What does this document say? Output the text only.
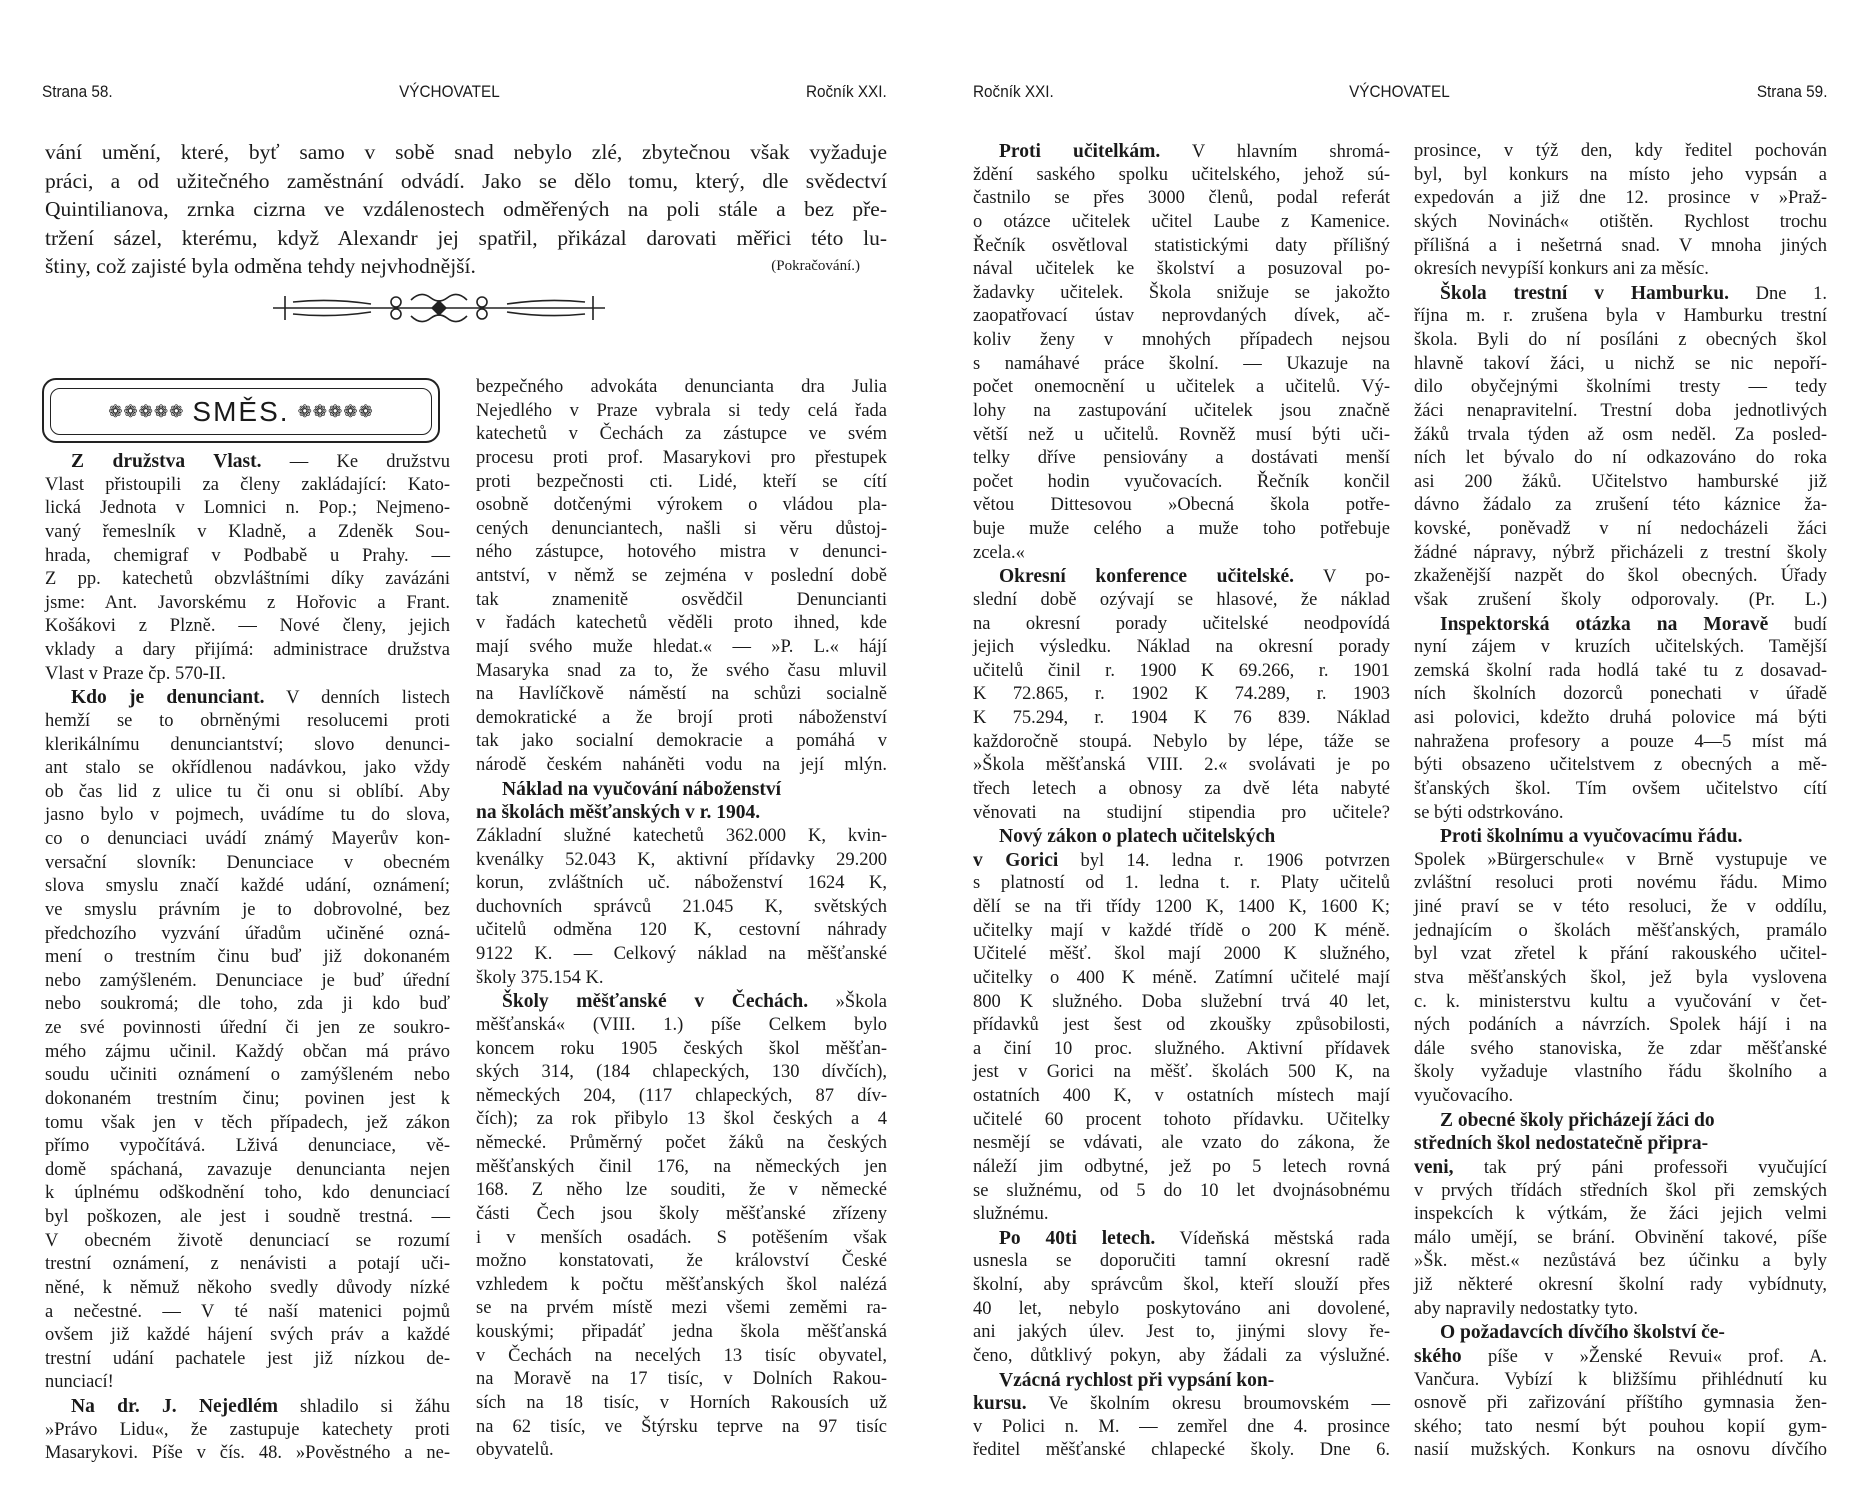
Strana 58.	VÝCHOVATEL	Ročník XXI.	Ročník XXI.	VÝCHOVATEL	Strana 59.
vání umění, které, byť samo v sobě snad nebylo zlé, zbytečnou však vyžaduje
práci, a od užitečného zaměstnání odvádí. Jako se dělo tomu, který, dle svědectví
Quintilianova, zrnka cizrna ve vzdálenostech odměřených na poli stále a bez pře-
tržení sázel, kterému, když Alexandr jej spatřil, přikázal darovati měřici této lu-
štiny, což zajisté byla odměna tehdy nejvhodnější.	(Pokračování.)
❁❁❁❁❁ SMĚS. ❁❁❁❁❁
Z družstva Vlast. — Ke družstvu
Vlast přistoupili za členy zakládající: Kato-
lická Jednota v Lomnici n. Pop.; Nejmeno-
vaný řemeslník v Kladně, a Zdeněk Sou-
hrada, chemigraf v Podbabě u Prahy. —
Z pp. katechetů obzvláštními díky zavázáni
jsme: Ant. Javorskému z Hořovic a Frant.
Košákovi z Plzně. — Nové členy, jejich
vklady a dary přijímá: administrace družstva
Vlast v Praze čp. 570-II.
Kdo je denunciant. V denních listech
hemží se to obrněnými resolucemi proti
klerikálnímu denunciantství; slovo denunci-
ant stalo se okřídlenou nadávkou, jako vždy
ob čas lid z ulice tu či onu si oblíbí. Aby
jasno bylo v pojmech, uvádíme tu do slova,
co o denunciaci uvádí známý Mayerův kon-
versační slovník: Denunciace v obecném
slova smyslu značí každé udání, oznámení;
ve smyslu právním je to dobrovolné, bez
předchozího vyzvání úřadům učiněné ozná-
mení o trestním činu buď již dokonaném
nebo zamýšleném. Denunciace je buď úřední
nebo soukromá; dle toho, zda ji kdo buď
ze své povinnosti úřední či jen ze soukro-
mého zájmu učinil. Každý občan má právo
soudu učiniti oznámení o zamýšleném nebo
dokonaném trestním činu; povinen jest k
tomu však jen v těch případech, jež zákon
přímo vypočítává. Lživá denunciace, vě-
domě spáchaná, zavazuje denuncianta nejen
k úplnému odškodnění toho, kdo denunciací
byl poškozen, ale jest i soudně trestná. —
V obecném životě denunciací se rozumí
trestní oznámení, z nenávisti a potají uči-
něné, k němuž někoho svedly důvody nízké
a nečestné. — V té naší matenici pojmů
ovšem již každé hájení svých práv a každé
trestní udání pachatele jest již nízkou de-
nunciací!
Na dr. J. Nejedlém shladilo si žáhu
»Právo Lidu«, že zastupuje katechety proti
Masarykovi. Píše v čís. 48. »Pověstného a ne-
bezpečného advokáta denuncianta dra Julia
Nejedlého v Praze vybrala si tedy celá řada
katechetů v Čechách za zástupce ve svém
procesu proti prof. Masarykovi pro přestupek
proti bezpečnosti cti. Lidé, kteří se cítí
osobně dotčenými výrokem o vládou pla-
cených denunciantech, našli si věru důstoj-
ného zástupce, hotového mistra v denunci-
antství, v němž se zejména v poslední době
tak znamenitě osvědčil Denuncianti
v řadách katechetů věděli proto ihned, kde
mají svého muže hledat.« — »P. L.« hájí
Masaryka snad za to, že svého času mluvil
na Havlíčkově náměstí na schůzi socialně
demokratické a že brojí proti náboženství
tak jako socialní demokracie a pomáhá v
národě českém naháněti vodu na její mlýn.
Náklad na vyučování náboženství
na školách měšťanských v r. 1904.
Základní služné katechetů 362.000 K, kvin-
kvenálky 52.043 K, aktivní přídavky 29.200
korun, zvláštních uč. náboženství 1624 K,
duchovních správců 21.045 K, světských
učitelů odměna 120 K, cestovní náhrady
9122 K. — Celkový náklad na měšťanské
školy 375.154 K.
Školy měšťanské v Čechách. »Škola
měšťanská« (VIII. 1.) píše Celkem bylo
koncem roku 1905 českých škol měšťan-
ských 314, (184 chlapeckých, 130 dívčích),
německých 204, (117 chlapeckých, 87 dív-
čích); za rok přibylo 13 škol českých a 4
německé. Průměrný počet žáků na českých
měšťanských činil 176, na německých jen
168. Z něho lze souditi, že v německé
části Čech jsou školy měšťanské zřízeny
i v menších osadách. S potěšením však
možno konstatovati, že království České
vzhledem k počtu měšťanských škol nalézá
se na prvém místě mezi všemi zeměmi ra-
kouskými; připadáť jedna škola měšťanská
v Čechách na necelých 13 tisíc obyvatel,
na Moravě na 17 tisíc, v Dolních Rakou-
sích na 18 tisíc, v Horních Rakousích už
na 62 tisíc, ve Štýrsku teprve na 97 tisíc
obyvatelů.
Proti učitelkám. V hlavním shromá-
ždění saského spolku učitelského, jehož sú-
častnilo se přes 3000 členů, podal referát
o otázce učitelek učitel Laube z Kamenice.
Řečník osvětloval statistickými daty přílišný
nával učitelek ke školství a posuzoval po-
žadavky učitelek. Škola snižuje se jakožto
zaopatřovací ústav neprovdaných dívek, ač-
koliv ženy v mnohých případech nejsou
s namáhavé práce školní. — Ukazuje na
počet onemocnění u učitelek a učitelů. Vý-
lohy na zastupování učitelek jsou značně
větší než u učitelů. Rovněž musí býti uči-
telky dříve pensiovány a dostávati menší
počet hodin vyučovacích. Řečník končil
větou Dittesovou »Obecná škola potře-
buje muže celého a muže toho potřebuje
zcela.«
Okresní konference učitelské. V po-
slední době ozývají se hlasové, že náklad
na okresní porady učitelské neodpovídá
jejich výsledku. Náklad na okresní porady
učitelů činil r. 1900 K 69.266, r. 1901
K 72.865, r. 1902 K 74.289, r. 1903
K 75.294, r. 1904 K 76 839. Náklad
každoročně stoupá. Nebylo by lépe, táže se
»Škola měšťanská VIII. 2.« svolávati je po
třech letech a obnosy za dvě léta nabyté
věnovati na studijní stipendia pro učitele?
Nový zákon o platech učitelských
v Gorici byl 14. ledna r. 1906 potvrzen
s platností od 1. ledna t. r. Platy učitelů
dělí se na tři třídy 1200 K, 1400 K, 1600 K;
učitelky mají v každé třídě o 200 K méně.
Učitelé měšť. škol mají 2000 K služného,
učitelky o 400 K méně. Zatímní učitelé mají
800 K služného. Doba služební trvá 40 let,
přídavků jest šest od zkoušky způsobilosti,
a činí 10 proc. služného. Aktivní přídavek
jest v Gorici na měšť. školách 500 K, na
ostatních 400 K, v ostatních místech mají
učitelé 60 procent tohoto přídavku. Učitelky
nesmějí se vdávati, ale vzato do zákona, že
náleží jim odbytné, jež po 5 letech rovná
se služnému, od 5 do 10 let dvojnásobnému
služnému.
Po 40ti letech. Vídeňská městská rada
usnesla se doporučiti tamní okresní radě
školní, aby správcům škol, kteří slouží přes
40 let, nebylo poskytováno ani dovolené,
ani jakých úlev. Jest to, jinými slovy ře-
čeno, důtklivý pokyn, aby žádali za výslužné.
Vzácná rychlost při vypsání kon-
kursu. Ve školním okresu broumovském —
v Polici n. M. — zemřel dne 4. prosince
ředitel měšťanské chlapecké školy. Dne 6.
prosince, v týž den, kdy ředitel pochován
byl, byl konkurs na místo jeho vypsán a
expedován a již dne 12. prosince v »Praž-
ských Novinách« otištěn. Rychlost trochu
přílišná a i nešetrná snad. V mnoha jiných
okresích nevypíší konkurs ani za měsíc.
Škola trestní v Hamburku. Dne 1.
října m. r. zrušena byla v Hamburku trestní
škola. Byli do ní posíláni z obecných škol
hlavně takoví žáci, u nichž se nic nepoří-
dilo obyčejnými školními tresty — tedy
žáci nenapravitelní. Trestní doba jednotlivých
žáků trvala týden až osm neděl. Za posled-
ních let bývalo do ní odkazováno do roka
asi 200 žáků. Učitelstvo hamburské již
dávno žádalo za zrušení této káznice ža-
kovské, poněvadž v ní nedocházeli žáci
žádné nápravy, nýbrž přicházeli z trestní školy
zkaženější nazpět do škol obecných. Úřady
však zrušení školy odporovaly. (Pr. L.)
Inspektorská otázka na Moravě budí
nyní zájem v kruzích učitelských. Tamější
zemská školní rada hodlá také tu z dosavad-
ních školních dozorců ponechati v úřadě
asi polovici, kdežto druhá polovice má býti
nahražena profesory a pouze 4—5 míst má
býti obsazeno učitelstvem z obecných a mě-
šťanských škol. Tím ovšem učitelstvo cítí
se býti odstrkováno.
Proti školnímu a vyučovacímu řádu.
Spolek »Bürgerschule« v Brně vystupuje ve
zvláštní resoluci proti novému řádu. Mimo
jiné praví se v této resoluci, že v oddílu,
jednajícím o školách měšťanských, pramálo
byl vzat zřetel k přání rakouského učitel-
stva měšťanských škol, jež byla vyslovena
c. k. ministerstvu kultu a vyučování v čet-
ných podáních a návrzích. Spolek hájí i na
dále svého stanoviska, že zdar měšťanské
školy vyžaduje vlastního řádu školního a
vyučovacího.
Z obecné školy přicházejí žáci do
středních škol nedostatečně připra-
veni, tak prý páni professoři vyučující
v prvých třídách středních škol při zemských
inspekcích k výtkám, že žáci jejich velmi
málo umějí, se brání. Obvinění takové, píše
»Šk. měst.« nezůstává bez účinku a byly
již některé okresní školní rady vybídnuty,
aby napravily nedostatky tyto.
O požadavcích dívčího školství če-
ského píše v »Ženské Revui« prof. A.
Vančura. Vybízí k bližšímu přihlédnutí ku
osnově při zařizování příštího gymnasia žen-
ského; tato nesmí být pouhou kopií gym-
nasií mužských. Konkurs na osnovu dívčího
